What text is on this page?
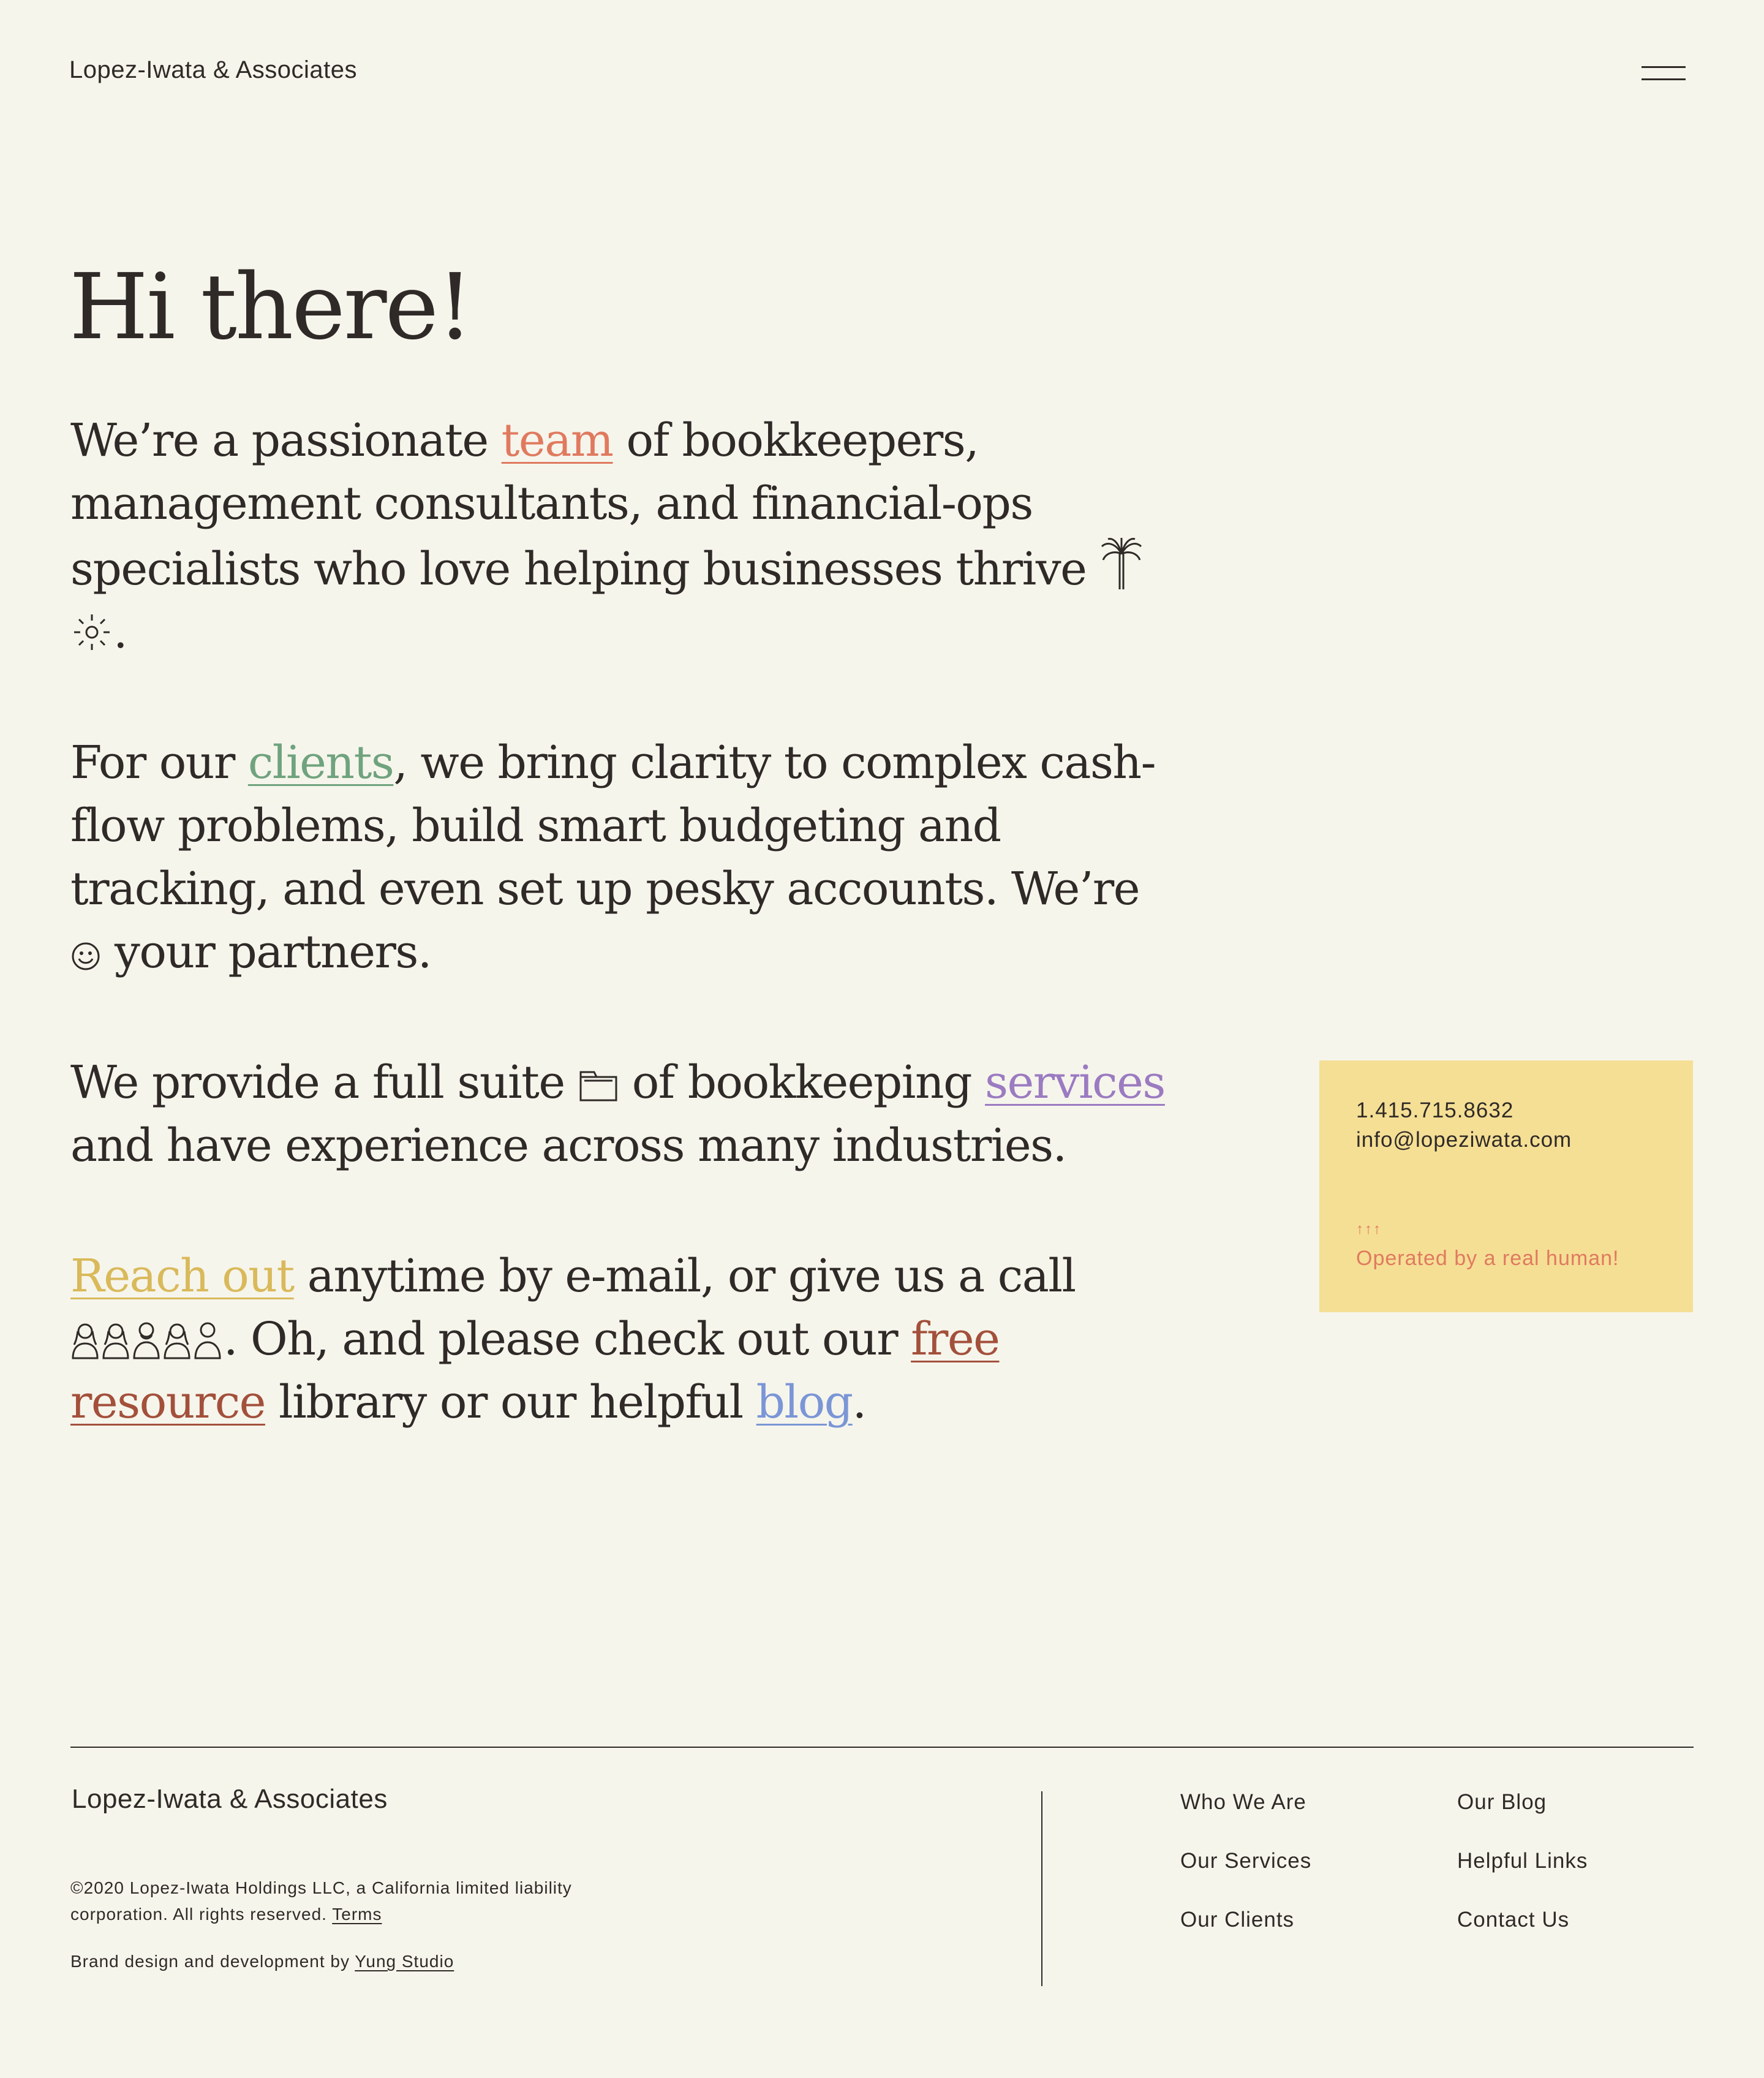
Lopez-Iwata & Associates
Hi there!

We’re a passionate team of bookkeepers, management consultants, and financial-ops specialists who love helping businesses thrive
.

For our clients, we bring clarity to complex cash-flow problems, build smart budgeting and tracking, and even set up pesky accounts. We’re
your partners.

We provide a full suite
of bookkeeping services and have experience across many industries.

Reach out anytime by e-mail, or give us a call
. Oh, and please check out our free resource library or our helpful blog.

1.415.715.8632
info@lopeziwata.com
↑↑↑
Operated by a real human!
Lopez-Iwata & Associates
©2020 Lopez-Iwata Holdings LLC, a California limited liability corporation. All rights reserved. Terms
Brand design and development by Yung Studio
Who We Are
Our Services
Our Clients
Our Blog
Helpful Links
Contact Us
